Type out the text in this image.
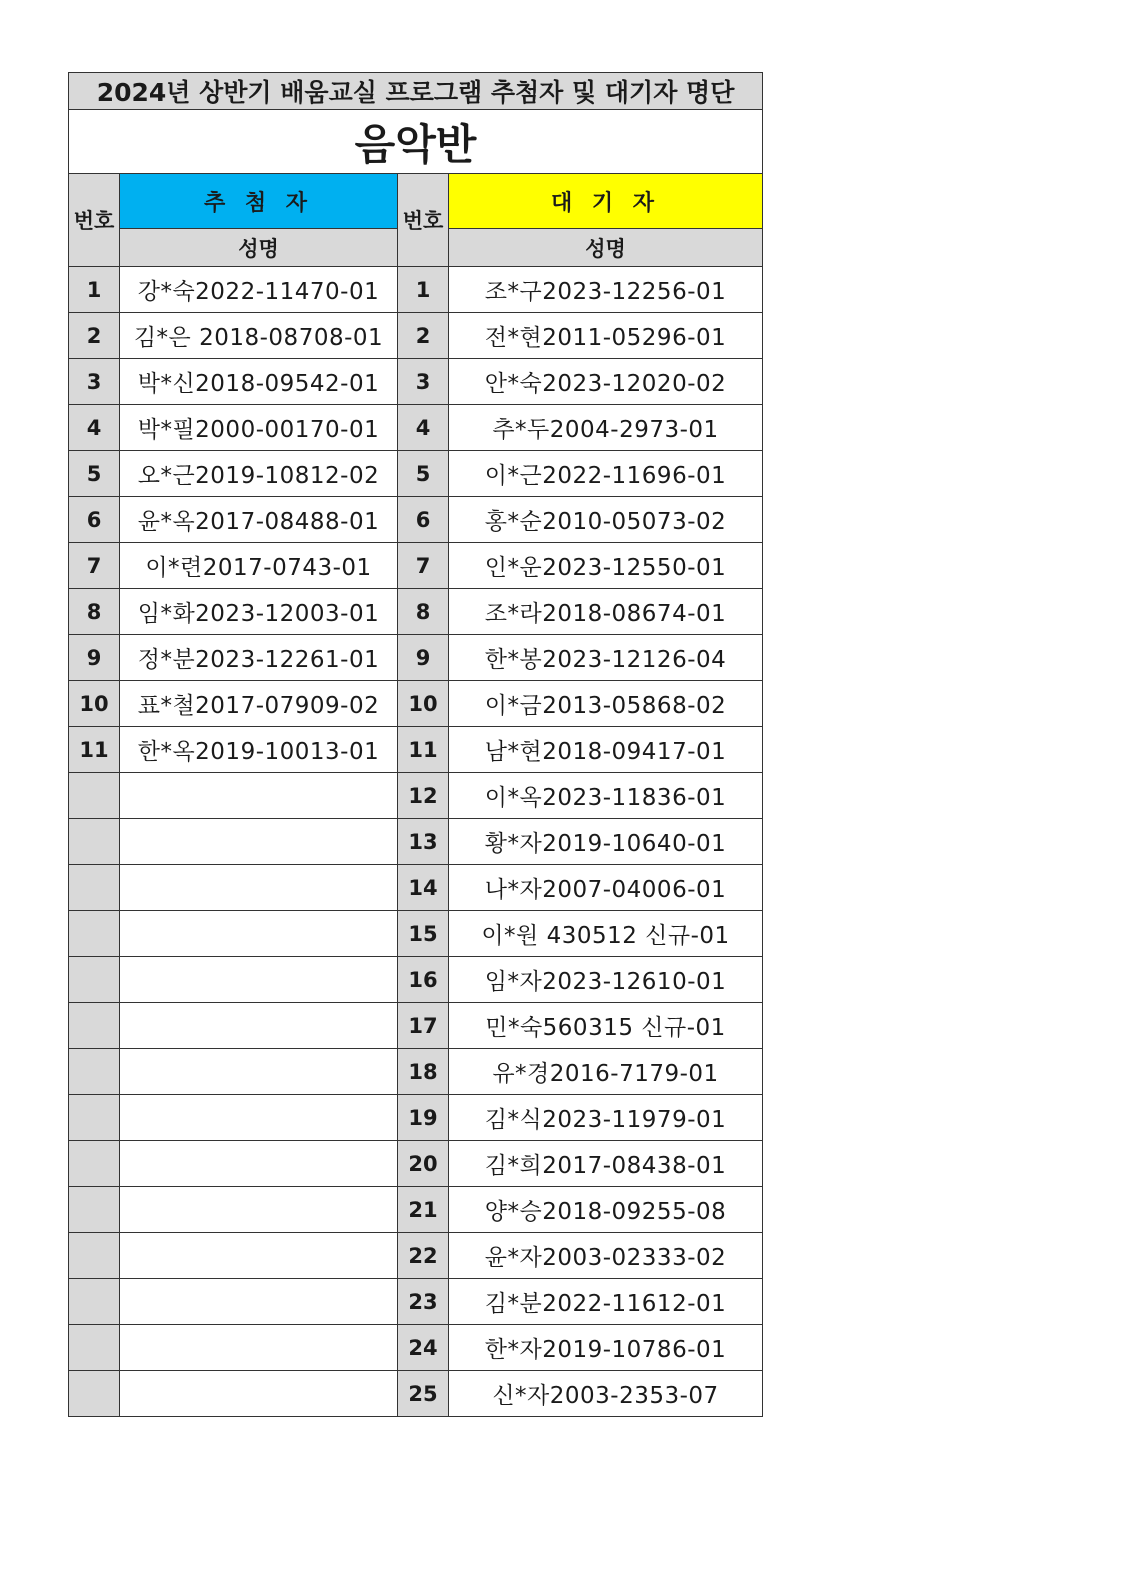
2024년 상반기 배움교실 프로그램 추첨자 및 대기자 명단			
음악반			
번호	추 첨 자	번호	대 기 자
	성명		성명
1	강*숙2022-11470-01	1	조*구2023-12256-01
2	김*은 2018-08708-01	2	전*현2011-05296-01
3	박*신2018-09542-01	3	안*숙2023-12020-02
4	박*필2000-00170-01	4	추*두2004-2973-01
5	오*근2019-10812-02	5	이*근2022-11696-01
6	윤*옥2017-08488-01	6	홍*순2010-05073-02
7	이*련2017-0743-01	7	인*운2023-12550-01
8	임*화2023-12003-01	8	조*라2018-08674-01
9	정*분2023-12261-01	9	한*봉2023-12126-04
10	표*철2017-07909-02	10	이*금2013-05868-02
11	한*옥2019-10013-01	11	남*현2018-09417-01
		12	이*옥2023-11836-01
		13	황*자2019-10640-01
		14	나*자2007-04006-01
		15	이*원 430512 신규-01
		16	임*자2023-12610-01
		17	민*숙560315 신규-01
		18	유*경2016-7179-01
		19	김*식2023-11979-01
		20	김*희2017-08438-01
		21	양*승2018-09255-08
		22	윤*자2003-02333-02
		23	김*분2022-11612-01
		24	한*자2019-10786-01
		25	신*자2003-2353-07
